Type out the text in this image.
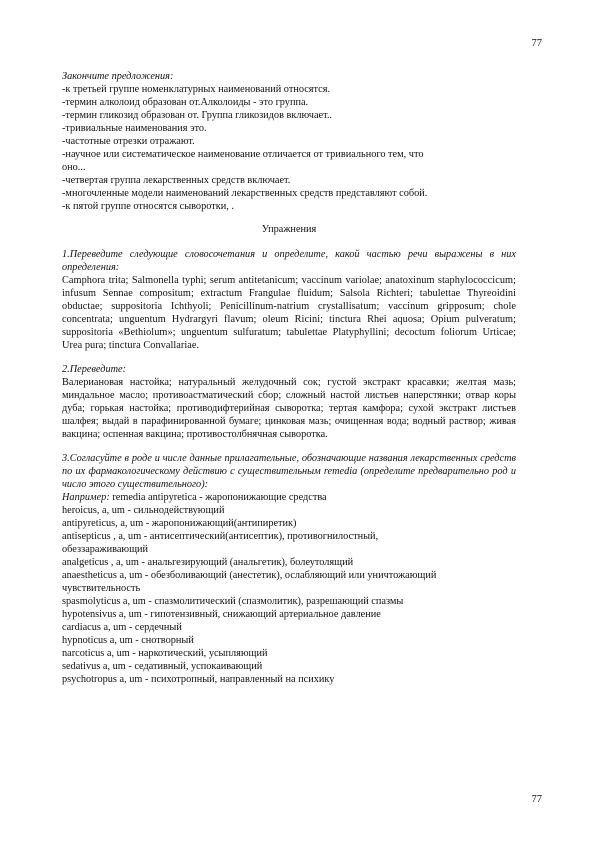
77
Закончите предложения:
-к третьей группе номенклатурных наименований относятся.
-термин алколоид образован от.Алколоиды - это группа.
-термин гликозид образован от. Группа гликозидов включает..
-тривиальные наименования это.
-частотные отрезки отражают.
-научное или систематическое наименование отличается от тривиального тем, что
оно...
-четвертая группа лекарственных средств включает.
-многочленные модели наименований лекарственных средств представляют собой.
-к пятой группе относятся сыворотки, .
Упражнения
1.Переведите следующие словосочетания и определите, какой частью речи выражены в них определения:
Camphora trita; Salmonella typhi; serum antitetanicum; vaccinum variolae; anatoxinum staphylococcicum; infusum Sennae compositum; extractum Frangulae fluidum; Salsola Richteri; tabulettae Thyreoidini obductae; suppositoria Ichthyoli; Penicillinum-natrium crystallisatum; vaccinum gripposum; chole concentrata; unguentum Hydrargyri flavum; oleum Ricini; tinctura Rhei aquosa; Opium pulveratum; suppositoria «Bethiolum»; unguentum sulfuratum; tabulettae Platyphyllini; decoctum foliorum Urticae; Urea pura; tinctura Convallariae.
2.Переведите:
Валериановая настойка; натуральный желудочный сок; густой экстракт красавки; желтая мазь; миндальное масло; противоастматический сбор; сложный настой листьев наперстянки; отвар коры дуба; горькая настойка; противодифтерийная сыворотка; тертая камфора; сухой экстракт листьев шалфея; выдай в парафинированной бумаге; цинковая мазь; очищенная вода; водный раствор; живая вакцина; оспенная вакцина; противостолбнячная сыворотка.
3.Согласуйте в роде и числе данные прилагательные, обозначающие названия лекарственных средств по их фармакологическому действию с существительным remedia (определите предварительно род и число этого существительного):
Например: remedia antipyretica - жаропонижающие средства
heroicus, a, um - сильнодействующий
antipyreticus, a, um - жаропонижающий(антипиретик)
antisepticus , a, um - антисептический(антисептик), противогнилостный,
обеззараживающий
analgeticus , a, um - анальгезирующий (анальгетик), болеутолящий
anaestheticus a, um - обезболивающий (анестетик), ослабляющий или уничтожающий
чувствительность
spasmolyticus a, um - спазмолитический (спазмолитик), разрешающий спазмы
hypotensivus a, um - гипотензивный, снижающий артериальное давление
cardiacus a, um - сердечный
hypnoticus a, um - снотворный
narcoticus a, um - наркотический, усыпляющий
sedativus a, um - седативный, успокаивающий
psychotropus a, um - психотропный, направленный на психику
77
